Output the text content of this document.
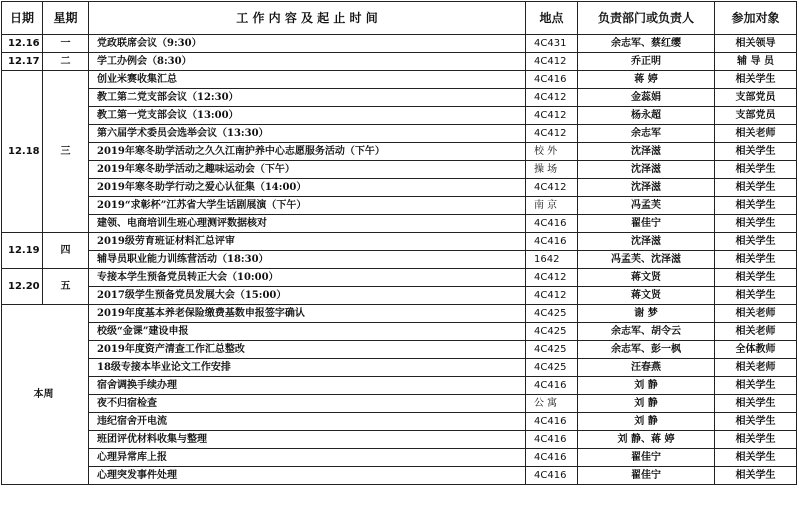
日期	星期	工 作 内 容 及 起 止 时 间	地点	负责部门或负责人	参加对象
12.16	一	党政联席会议（9:30）	4C431	余志军、蔡红缨	相关领导
12.17	二	学工办例会（8:30）	4C412	乔正明	辅 导 员
12.18	三	创业米赛收集汇总	4C416	蒋 婷	相关学生
		教工第二党支部会议（12:30）	4C412	金蕊娟	支部党员
		教工第一党支部会议（13:00）	4C412	杨永超	支部党员
		第六届学术委员会选举会议（13:30）	4C412	余志军	相关老师
		2019年寒冬助学活动之久久江南护养中心志愿服务活动（下午）	校 外	沈泽滋	相关学生
		2019年寒冬助学活动之趣味运动会（下午）	操 场	沈泽滋	相关学生
		2019年寒冬助学行动之爱心认征集（14:00）	4C412	沈泽滋	相关学生
		2019“求彰杯”江苏省大学生话剧展演（下午）	南 京	冯孟芙	相关学生
		建领、电商培训生班心理测评数据核对	4C416	翟佳宁	相关学生
12.19	四	2019级劳育班证材料汇总评审	4C416	沈泽滋	相关学生
		辅导员职业能力训练营活动（18:30）	1642	冯孟芙、沈泽滋	相关学生
12.20	五	专接本学生预备党员转正大会（10:00）	4C412	蒋文贤	相关学生
		2017级学生预备党员发展大会（15:00）	4C412	蒋文贤	相关学生
本周		2019年度基本养老保险缴费基数申报签字确认	4C425	谢 梦	相关老师
		校级“金课”建设申报	4C425	余志军、胡令云	相关老师
		2019年度资产清查工作汇总整改	4C425	余志军、彭一枫	全体教师
		18级专接本毕业论文工作安排	4C425	汪春燕	相关老师
		宿舍调换手续办理	4C416	刘 静	相关学生
		夜不归宿检查	公 寓	刘 静	相关学生
		违纪宿舍开电流	4C416	刘 静	相关学生
		班团评优材料收集与整理	4C416	刘 静、蒋 婷	相关学生
		心理异常库上报	4C416	翟佳宁	相关学生
		心理突发事件处理	4C416	翟佳宁	相关学生
